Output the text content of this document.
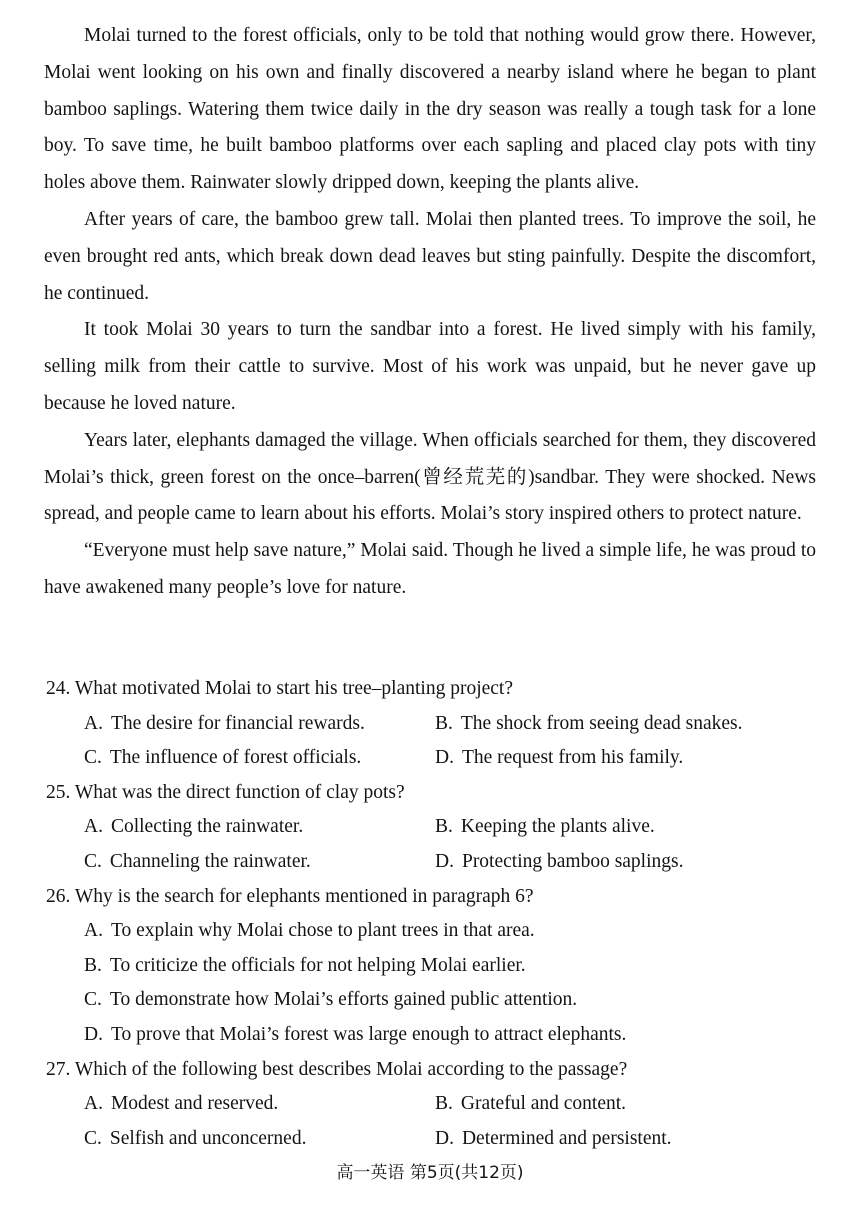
Molai turned to the forest officials, only to be told that nothing would grow there. However, Molai went looking on his own and finally discovered a nearby island where he began to plant bamboo saplings. Watering them twice daily in the dry season was really a tough task for a lone boy. To save time, he built bamboo platforms over each sapling and placed clay pots with tiny holes above them. Rainwater slowly dripped down, keeping the plants alive.

After years of care, the bamboo grew tall. Molai then planted trees. To improve the soil, he even brought red ants, which break down dead leaves but sting painfully. Despite the discomfort, he continued.

It took Molai 30 years to turn the sandbar into a forest. He lived simply with his family, selling milk from their cattle to survive. Most of his work was unpaid, but he never gave up because he loved nature.

Years later, elephants damaged the village. When officials searched for them, they discovered Molai’s thick, green forest on the once–barren(曾经荒芜的)sandbar. They were shocked. News spread, and people came to learn about his efforts. Molai’s story inspired others to protect nature.

“Everyone must help save nature,” Molai said. Though he lived a simple life, he was proud to have awakened many people’s love for nature.

24. What motivated Molai to start his tree–planting project?
A. The desire for financial rewards.	B. The shock from seeing dead snakes.
C. The influence of forest officials.	D. The request from his family.
25. What was the direct function of clay pots?
A. Collecting the rainwater.	B. Keeping the plants alive.
C. Channeling the rainwater.	D. Protecting bamboo saplings.
26. Why is the search for elephants mentioned in paragraph 6?
A. To explain why Molai chose to plant trees in that area.
B. To criticize the officials for not helping Molai earlier.
C. To demonstrate how Molai’s efforts gained public attention.
D. To prove that Molai’s forest was large enough to attract elephants.
27. Which of the following best describes Molai according to the passage?
A. Modest and reserved.	B. Grateful and content.
C. Selfish and unconcerned.	D. Determined and persistent.
高一英语 第5页(共12页)
